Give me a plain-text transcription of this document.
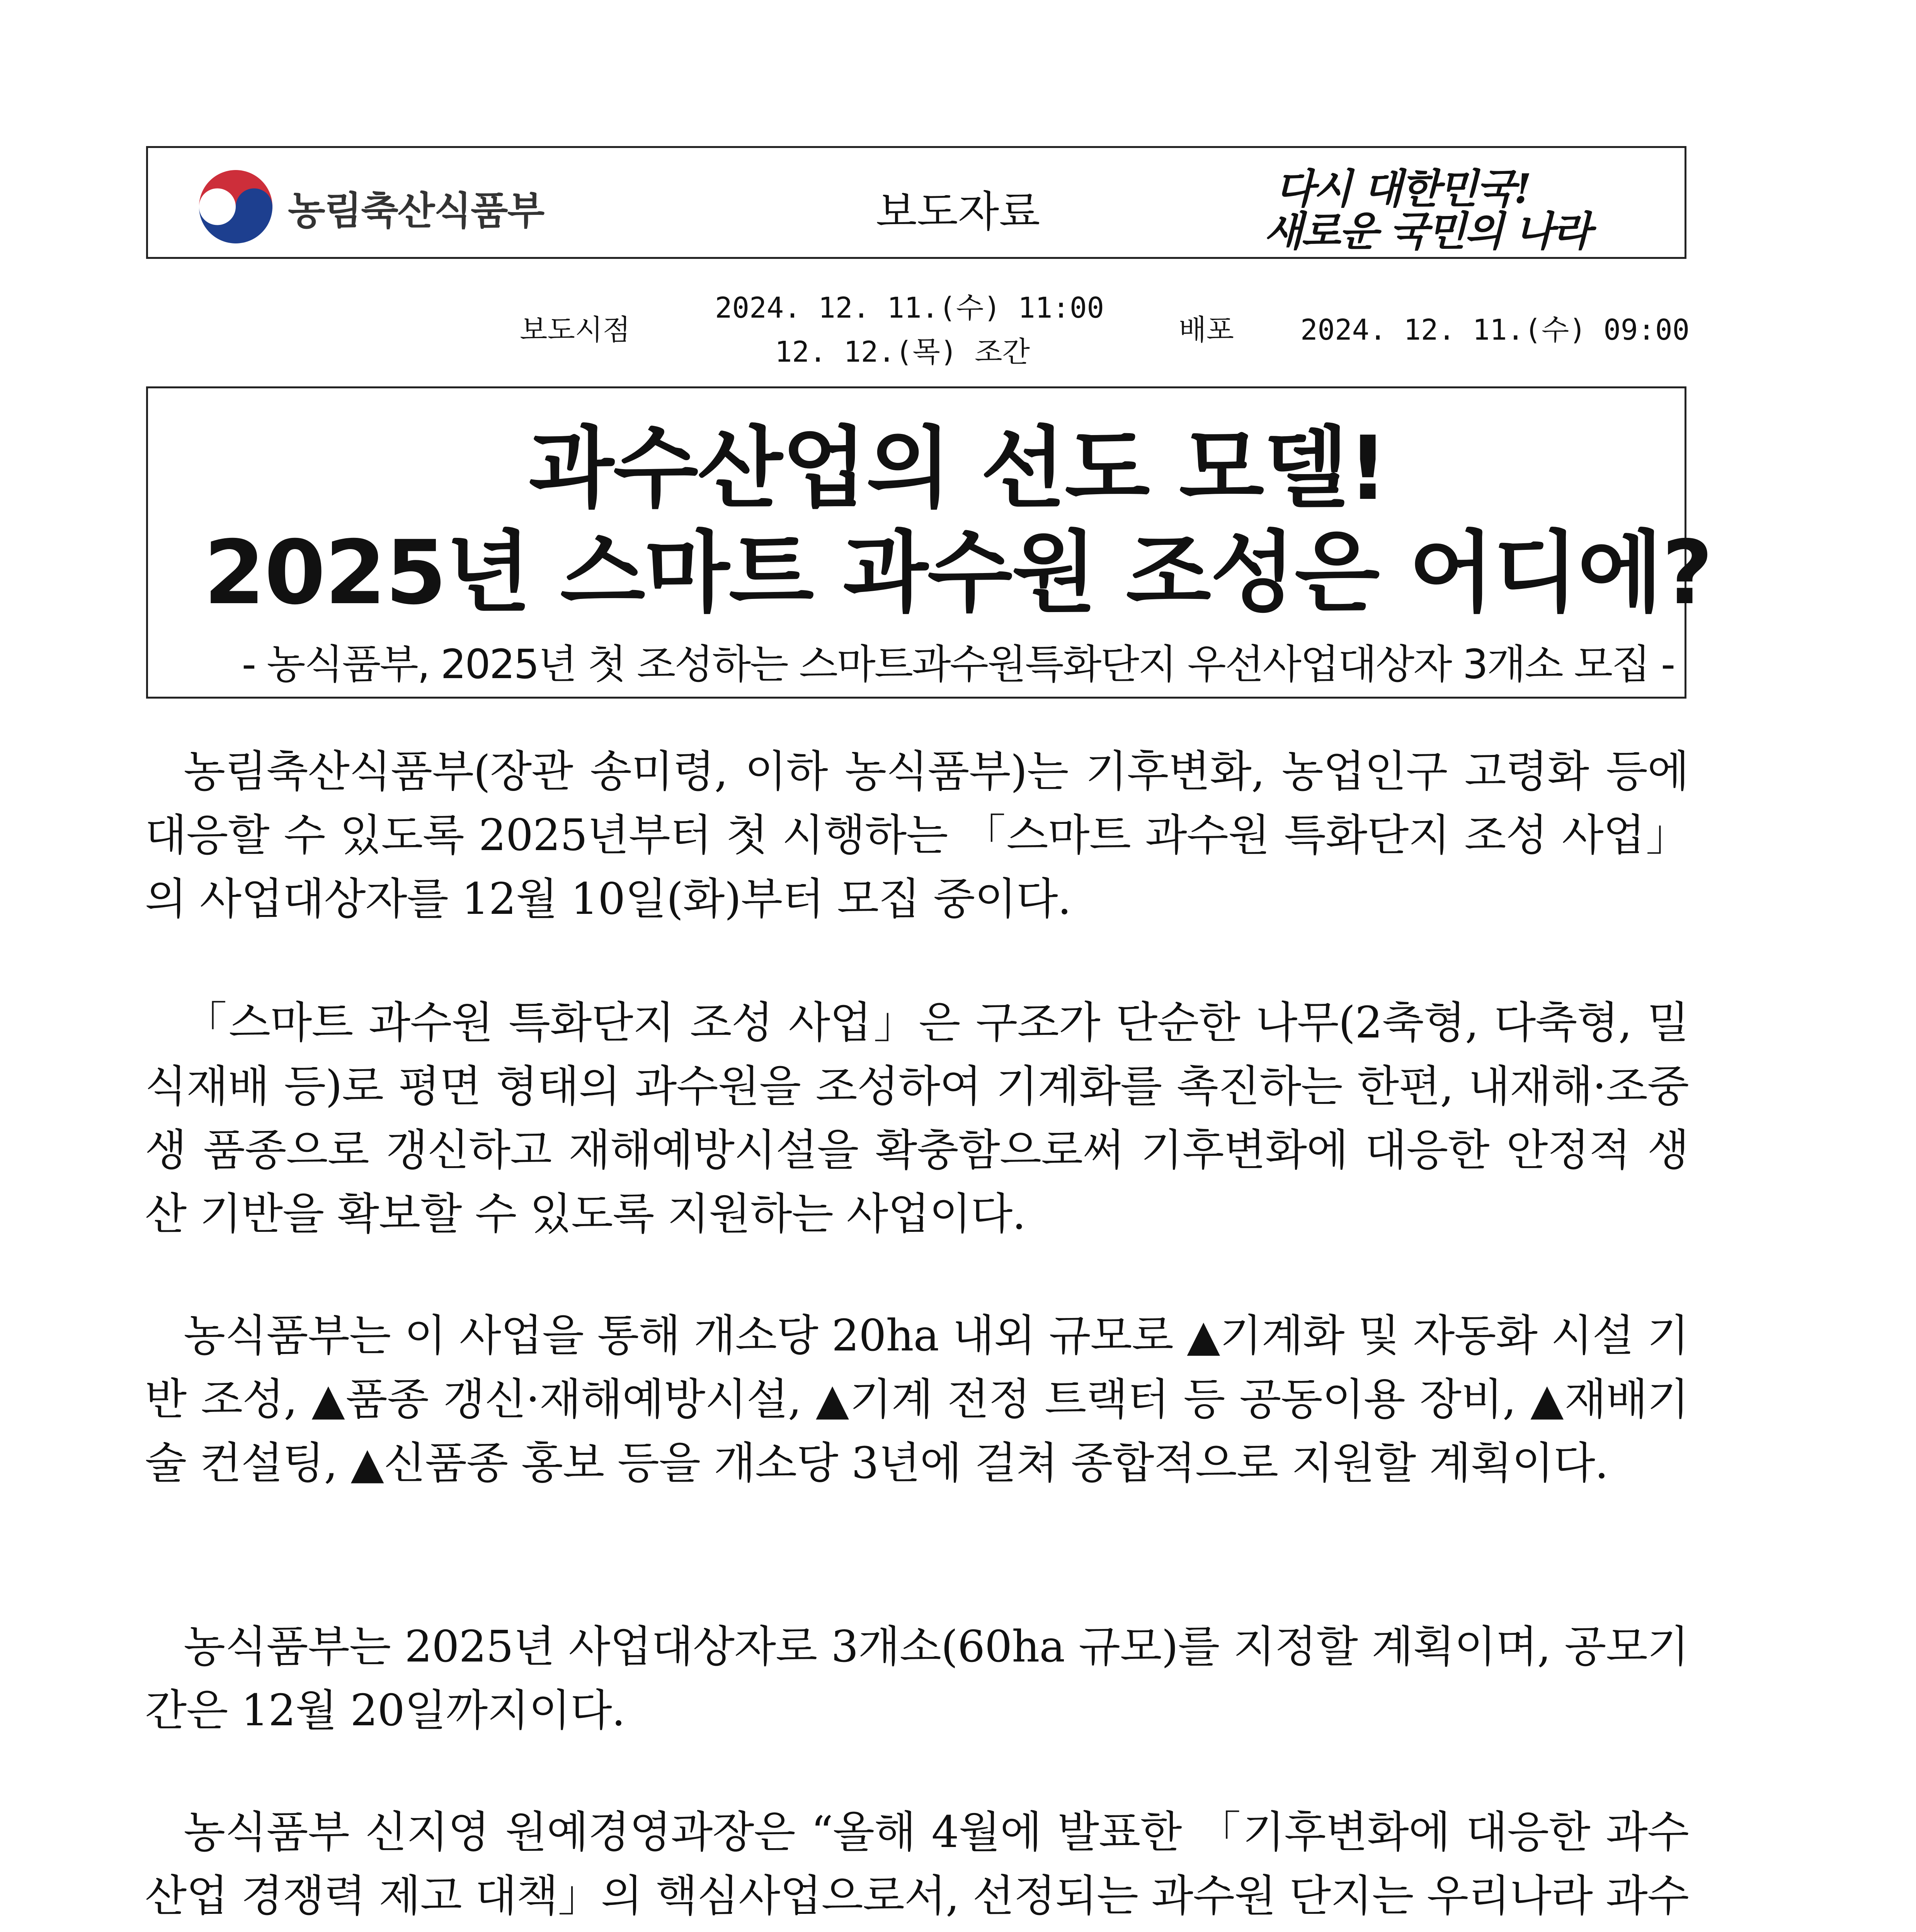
농림축산식품부	보도자료	다시 대한민국!
새로운 국민의 나라
보도시점
2024. 12. 11.(수) 11:00
12. 12.(목) 조간
배포 2024. 12. 11.(수) 09:00
과수산업의 선도 모델!
2025년 스마트 과수원 조성은 어디에?
- 농식품부, 2025년 첫 조성하는 스마트과수원특화단지 우선사업대상자 3개소 모집 -

농림축산식품부(장관 송미령, 이하 농식품부)는 기후변화, 농업인구 고령화 등에 대응할 수 있도록 2025년부터 첫 시행하는 「스마트 과수원 특화단지 조성 사업」의 사업대상자를 12월 10일(화)부터 모집 중이다.

「스마트 과수원 특화단지 조성 사업」은 구조가 단순한 나무(2축형, 다축형, 밀식재배 등)로 평면 형태의 과수원을 조성하여 기계화를 촉진하는 한편, 내재해·조중생 품종으로 갱신하고 재해예방시설을 확충함으로써 기후변화에 대응한 안정적 생산 기반을 확보할 수 있도록 지원하는 사업이다.

농식품부는 이 사업을 통해 개소당 20ha 내외 규모로 ▲기계화 및 자동화 시설 기반 조성, ▲품종 갱신·재해예방시설, ▲기계 전정 트랙터 등 공동이용 장비, ▲재배기술 컨설팅, ▲신품종 홍보 등을 개소당 3년에 걸쳐 종합적으로 지원할 계획이다.

농식품부는 2025년 사업대상자로 3개소(60ha 규모)를 지정할 계획이며, 공모기간은 12월 20일까지이다.

농식품부 신지영 원예경영과장은 “올해 4월에 발표한 「기후변화에 대응한 과수산업 경쟁력 제고 대책」의 핵심사업으로서, 선정되는 과수원 단지는 우리나라 과수
